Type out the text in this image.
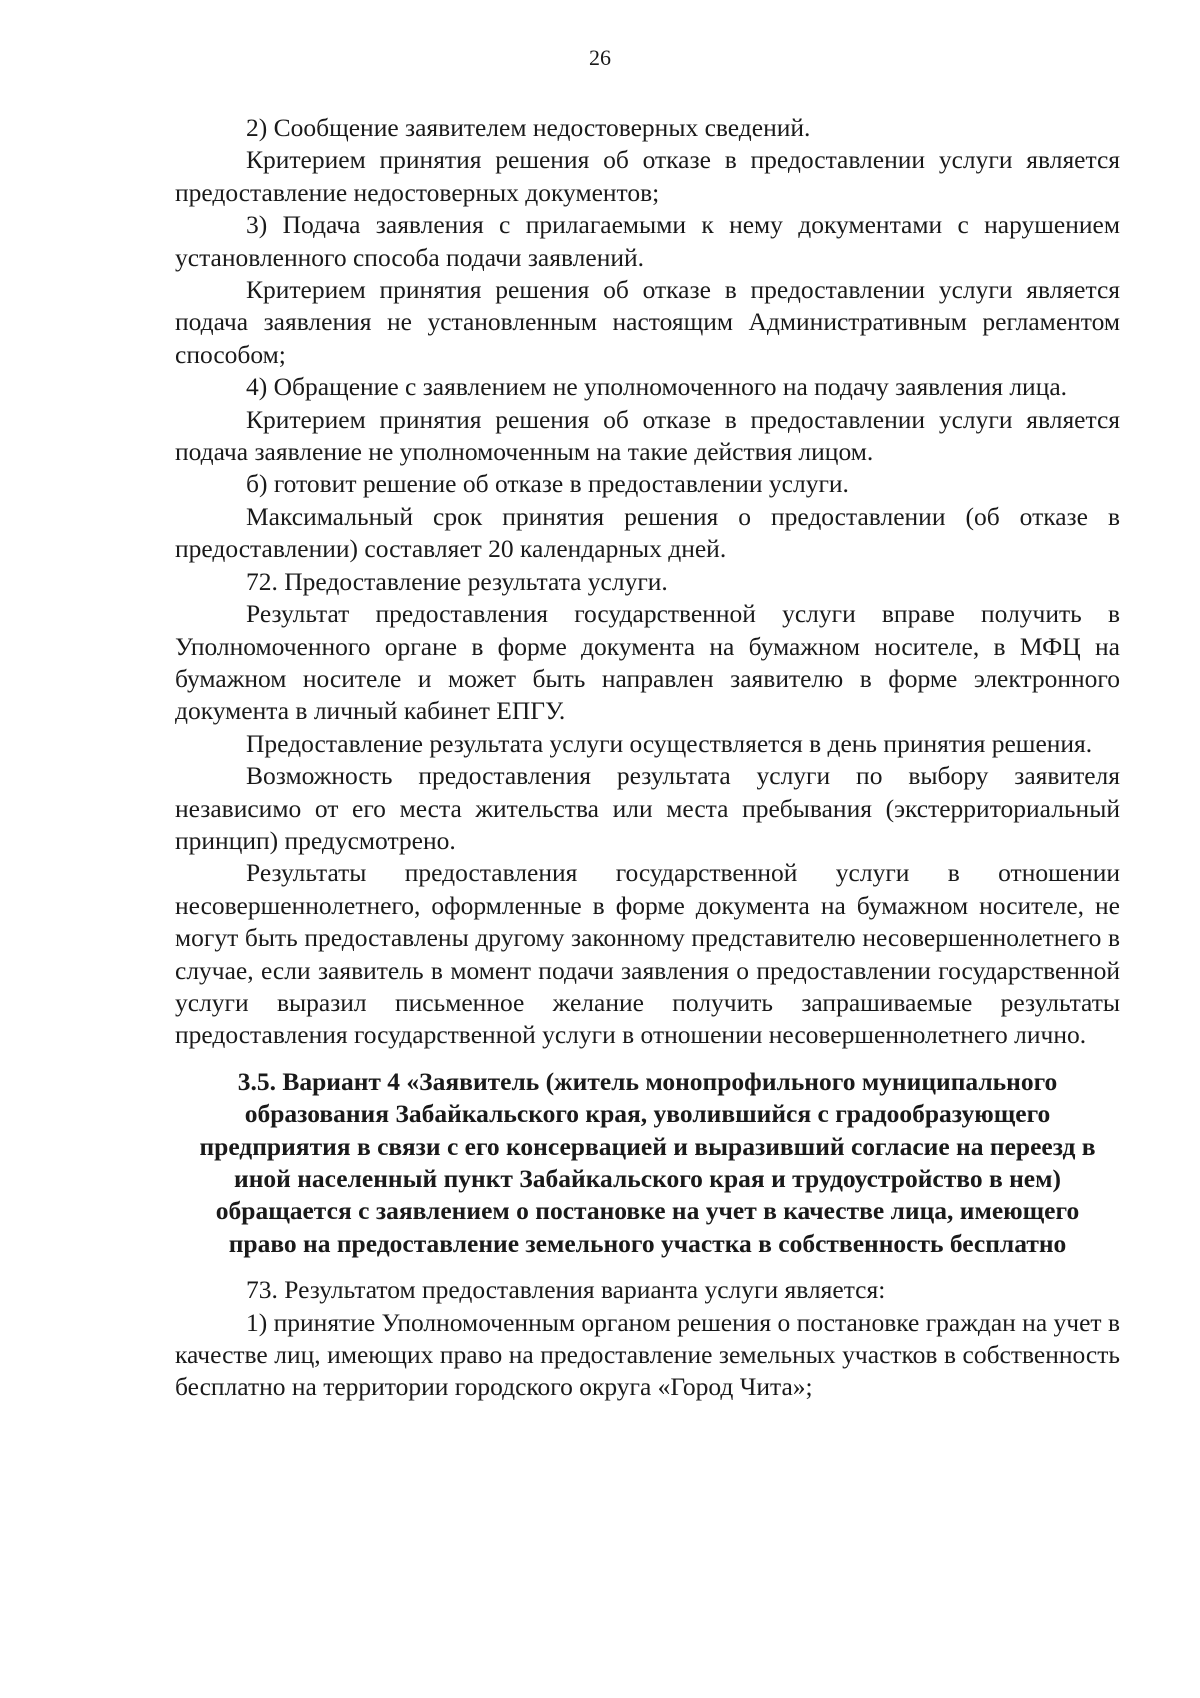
26

2) Сообщение заявителем недостоверных сведений.

Критерием принятия решения об отказе в предоставлении услуги является предоставление недостоверных документов;

3) Подача заявления с прилагаемыми к нему документами с нарушением установленного способа подачи заявлений.

Критерием принятия решения об отказе в предоставлении услуги является подача заявления не установленным настоящим Административным регламентом способом;

4) Обращение с заявлением не уполномоченного на подачу заявления лица.

Критерием принятия решения об отказе в предоставлении услуги является подача заявление не уполномоченным на такие действия лицом.

б) готовит решение об отказе в предоставлении услуги.

Максимальный срок принятия решения о предоставлении (об отказе в предоставлении) составляет 20 календарных дней.

72. Предоставление результата услуги.

Результат предоставления государственной услуги вправе получить в Уполномоченного органе в форме документа на бумажном носителе, в МФЦ на бумажном носителе и может быть направлен заявителю в форме электронного документа в личный кабинет ЕПГУ.

Предоставление результата услуги осуществляется в день принятия решения.

Возможность предоставления результата услуги по выбору заявителя независимо от его места жительства или места пребывания (экстерриториальный принцип) предусмотрено.

Результаты предоставления государственной услуги в отношении несовершеннолетнего, оформленные в форме документа на бумажном носителе, не могут быть предоставлены другому законному представителю несовершеннолетнего в случае, если заявитель в момент подачи заявления о предоставлении государственной услуги выразил письменное желание получить запрашиваемые результаты предоставления государственной услуги в отношении несовершеннолетнего лично.

3.5. Вариант 4 «Заявитель (житель монопрофильного муниципального образования Забайкальского края, уволившийся с градообразующего предприятия в связи с его консервацией и выразивший согласие на переезд в иной населенный пункт Забайкальского края и трудоустройство в нем) обращается с заявлением о постановке на учет в качестве лица, имеющего право на предоставление земельного участка в собственность бесплатно

73. Результатом предоставления варианта услуги является:

1) принятие Уполномоченным органом решения о постановке граждан на учет в качестве лиц, имеющих право на предоставление земельных участков в собственность бесплатно на территории городского округа «Город Чита»;
